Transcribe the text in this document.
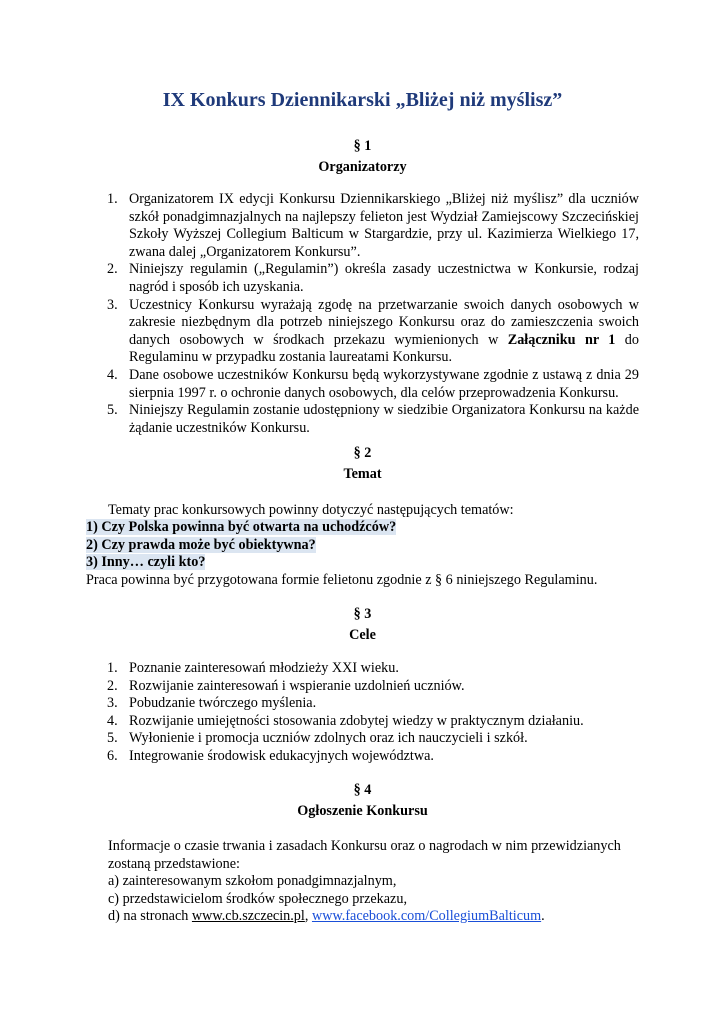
IX Konkurs Dziennikarski „Bliżej niż myślisz”
§ 1
Organizatorzy
1. Organizatorem IX edycji Konkursu Dziennikarskiego „Bliżej niż myślisz” dla uczniów szkół ponadgimnazjalnych na najlepszy felieton jest Wydział Zamiejscowy Szczecińskiej Szkoły Wyższej Collegium Balticum w Stargardzie, przy ul. Kazimierza Wielkiego 17, zwana dalej „Organizatorem Konkursu”.
2. Niniejszy regulamin („Regulamin”) określa zasady uczestnictwa w Konkursie, rodzaj nagród i sposób ich uzyskania.
3. Uczestnicy Konkursu wyrażają zgodę na przetwarzanie swoich danych osobowych w zakresie niezbędnym dla potrzeb niniejszego Konkursu oraz do zamieszczenia swoich danych osobowych w środkach przekazu wymienionych w Załączniku nr 1 do Regulaminu w przypadku zostania laureatami Konkursu.
4. Dane osobowe uczestników Konkursu będą wykorzystywane zgodnie z ustawą z dnia 29 sierpnia 1997 r. o ochronie danych osobowych, dla celów przeprowadzenia Konkursu.
5. Niniejszy Regulamin zostanie udostępniony w siedzibie Organizatora Konkursu na każde żądanie uczestników Konkursu.
§ 2
Temat
Tematy prac konkursowych powinny dotyczyć następujących tematów:
1) Czy Polska powinna być otwarta na uchodźców?
2) Czy prawda może być obiektywna?
3) Inny… czyli kto?
Praca powinna być przygotowana formie felietonu zgodnie z § 6 niniejszego Regulaminu.
§ 3
Cele
1. Poznanie zainteresowań młodzieży XXI wieku.
2. Rozwijanie zainteresowań i wspieranie uzdolnień uczniów.
3. Pobudzanie twórczego myślenia.
4. Rozwijanie umiejętności stosowania zdobytej wiedzy w praktycznym działaniu.
5. Wyłonienie i promocja uczniów zdolnych oraz ich nauczycieli i szkół.
6. Integrowanie środowisk edukacyjnych województwa.
§ 4
Ogłoszenie Konkursu
Informacje o czasie trwania i zasadach Konkursu oraz o nagrodach w nim przewidzianych zostaną przedstawione:
a) zainteresowanym szkołom ponadgimnazjalnym,
c) przedstawicielom środków społecznego przekazu,
d) na stronach www.cb.szczecin.pl, www.facebook.com/CollegiumBalticum.
